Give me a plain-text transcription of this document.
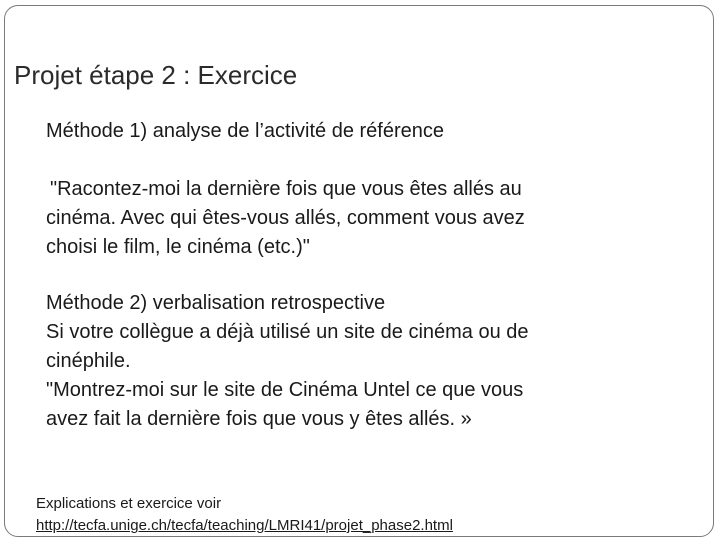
Projet étape 2 : Exercice
Méthode 1) analyse de l’activité de référence
"Racontez-moi la dernière fois que vous êtes allés au
cinéma. Avec qui êtes-vous allés, comment vous avez
choisi le film, le cinéma (etc.)"
Méthode 2) verbalisation retrospective
Si votre collègue a déjà utilisé un site de cinéma ou de
cinéphile.
"Montrez-moi sur le site de Cinéma Untel ce que vous
avez fait la dernière fois que vous y êtes allés. »
Explications et exercice voir
http://tecfa.unige.ch/tecfa/teaching/LMRI41/projet_phase2.html
